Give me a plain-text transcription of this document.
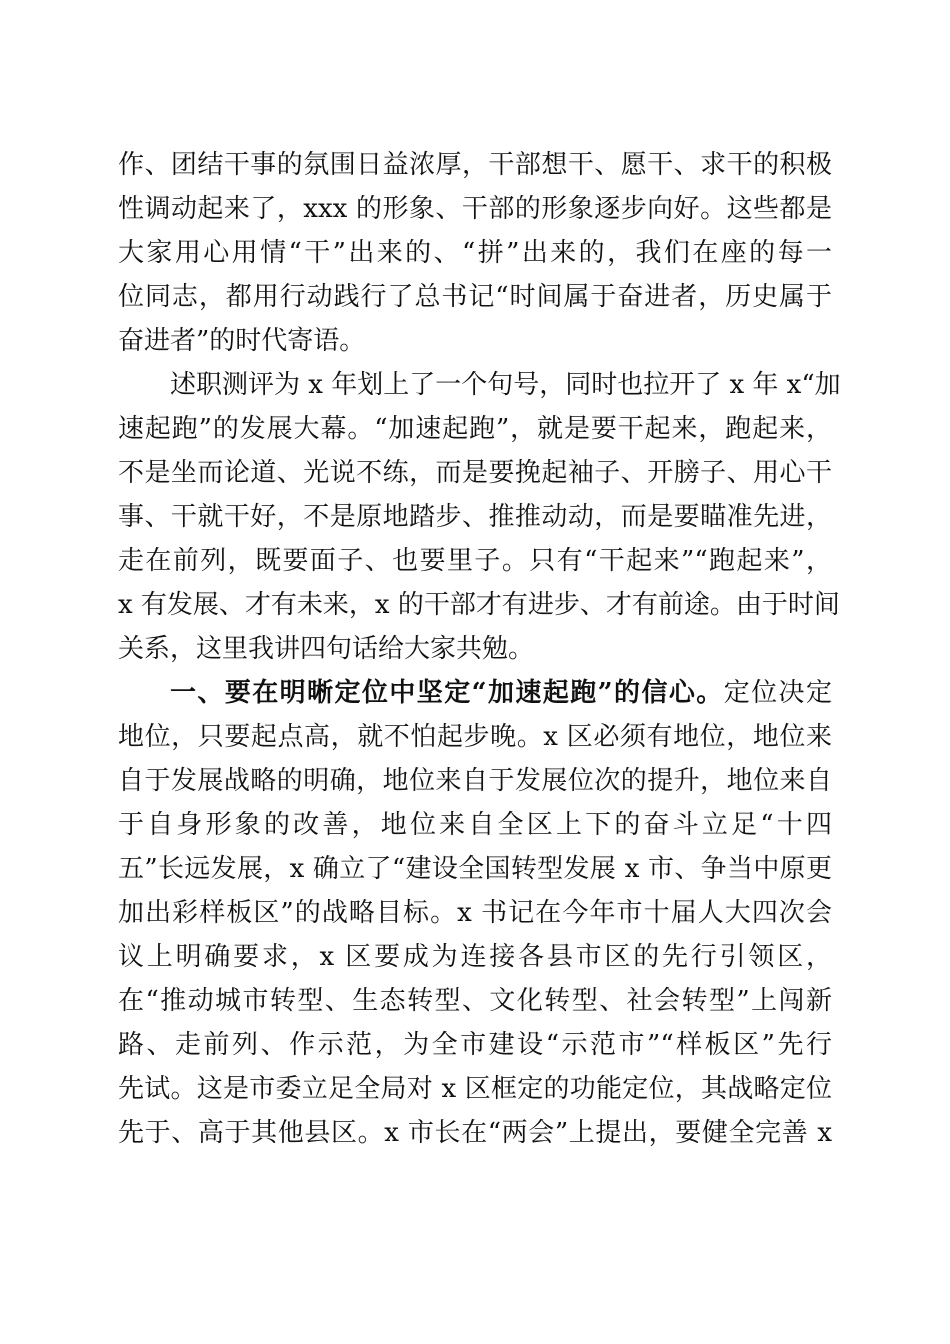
作、团结干事的氛围日益浓厚，干部想干、愿干、求干的积极
性调动起来了，xxx 的形象、干部的形象逐步向好。这些都是
大家用心用情“干”出来的、“拼”出来的，我们在座的每一
位同志，都用行动践行了总书记“时间属于奋进者，历史属于
奋进者”的时代寄语。
述职测评为 x 年划上了一个句号，同时也拉开了 x 年 x“加
速起跑”的发展大幕。“加速起跑”，就是要干起来，跑起来，
不是坐而论道、光说不练，而是要挽起袖子、开膀子、用心干
事、干就干好，不是原地踏步、推推动动，而是要瞄准先进，
走在前列，既要面子、也要里子。只有“干起来”“跑起来”，
x 有发展、才有未来，x 的干部才有进步、才有前途。由于时间
关系，这里我讲四句话给大家共勉。
一、要在明晰定位中坚定“加速起跑”的信心。定位决定
地位，只要起点高，就不怕起步晚。x 区必须有地位，地位来
自于发展战略的明确，地位来自于发展位次的提升，地位来自
于自身形象的改善，地位来自全区上下的奋斗立足“十四
五”长远发展，x 确立了“建设全国转型发展 x 市、争当中原更
加出彩样板区”的战略目标。x 书记在今年市十届人大四次会
议上明确要求，x 区要成为连接各县市区的先行引领区，
在“推动城市转型、生态转型、文化转型、社会转型”上闯新
路、走前列、作示范，为全市建设“示范市”“样板区”先行
先试。这是市委立足全局对 x 区框定的功能定位，其战略定位
先于、高于其他县区。x 市长在“两会”上提出，要健全完善 x
